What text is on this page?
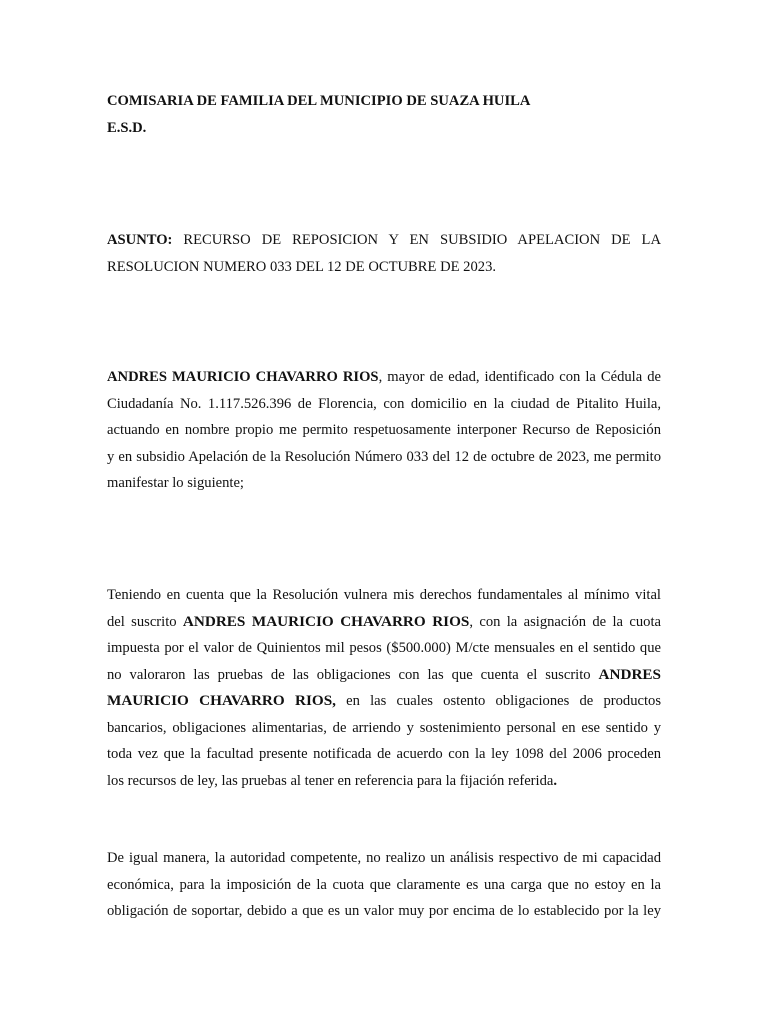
COMISARIA DE FAMILIA DEL MUNICIPIO DE SUAZA HUILA
E.S.D.
ASUNTO: RECURSO DE REPOSICION Y EN SUBSIDIO APELACION DE LA
RESOLUCION NUMERO 033 DEL 12 DE OCTUBRE DE 2023.
ANDRES MAURICIO CHAVARRO RIOS, mayor de edad, identificado con la Cédula de
Ciudadanía No. 1.117.526.396 de Florencia, con domicilio en la ciudad de Pitalito Huila,
actuando en nombre propio me permito respetuosamente interponer Recurso de Reposición
y en subsidio Apelación de la Resolución Número 033 del 12 de octubre de 2023, me permito
manifestar lo siguiente;
Teniendo en cuenta que la Resolución vulnera mis derechos fundamentales al mínimo vital
del suscrito ANDRES MAURICIO CHAVARRO RIOS, con la asignación de la cuota
impuesta por el valor de Quinientos mil pesos ($500.000) M/cte mensuales en el sentido que
no valoraron las pruebas de las obligaciones con las que cuenta el suscrito ANDRES
MAURICIO CHAVARRO RIOS, en las cuales ostento obligaciones de productos
bancarios, obligaciones alimentarias, de arriendo y sostenimiento personal en ese sentido y
toda vez que la facultad presente notificada de acuerdo con la ley 1098 del 2006 proceden
los recursos de ley, las pruebas al tener en referencia para la fijación referida.
De igual manera, la autoridad competente, no realizo un análisis respectivo de mi capacidad
económica, para la imposición de la cuota que claramente es una carga que no estoy en la
obligación de soportar, debido a que es un valor muy por encima de lo establecido por la ley
